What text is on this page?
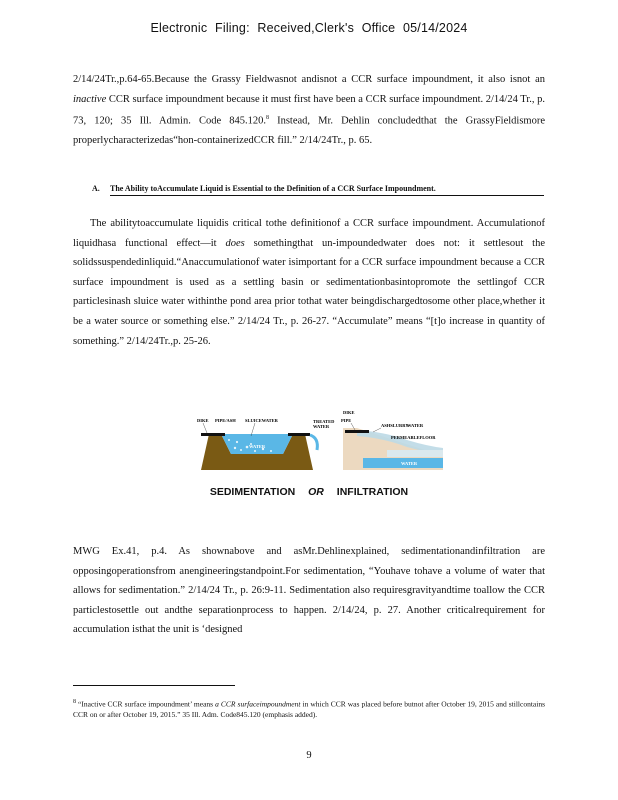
Electronic Filing: Received,Clerk's Office 05/14/2024

2/14/24Tr.,p.64-65.Because the Grassy Fieldwasnot andisnot a CCR surface impoundment, it also isnot an inactive CCR surface impoundment because it must first have been a CCR surface impoundment. 2/14/24 Tr., p. 73, 120; 35 Ill. Admin. Code 845.120.$^8$ Instead, Mr. Dehlin concludedthat the GrassyFieldismore properlycharacterizedas“hon-containerizedCCR fill.” 2/14/24Tr., p. 65.

A. The Ability toAccumulate Liquid is Essential to the Definition of a CCR Surface Impoundment.

The abilitytoaccumulate liquidis critical tothe definitionof a CCR surface impoundment. Accumulationof liquidhasa functional effect—it does somethingthat un-impoundedwater does not: it settlesout the solidssuspendedinliquid.“Anaccumulationof water isimportant for a CCR surface impoundment because a CCR surface impoundment is used as a settling basin or sedimentationbasintopromote the settlingof CCR particlesinash sluice water withinthe pond area prior tothat water beingdischargedtosome other place,whether it be a water source or something else.” 2/14/24 Tr., p. 26-27. “Accumulate” means “[t]o increase in quantity of something.” 2/14/24Tr.,p. 25-26.

DIKE PIPE/ASH SLUICEWATER
WATER
TREATED
WATER
DIKE
PIPE
ASHSLURRY
WATER
PERMEABLEFLOOR
WATER
SEDIMENTATION OR INFILTRATION

MWG Ex.41, p.4. As shownabove and asMr.Dehlinexplained, sedimentationandinfiltration are opposingoperationsfrom anengineeringstandpoint.For sedimentation, “Youhave tohave a volume of water that allows for sedimentation.” 2/14/24 Tr., p. 26:9-11. Sedimentation also requiresgravityandtime toallow the CCR particlestosettle out andthe separationprocess to happen. 2/14/24, p. 27. Another criticalrequirement for accumulation isthat the unit is ‘designed

$^8$ “Inactive CCR surface impoundment’ means a CCR surfaceimpoundment in which CCR was placed before butnot after October 19, 2015 and stillcontains CCR on or after October 19, 2015.” 35 Ill. Adm. Code845.120 (emphasis added).

9
